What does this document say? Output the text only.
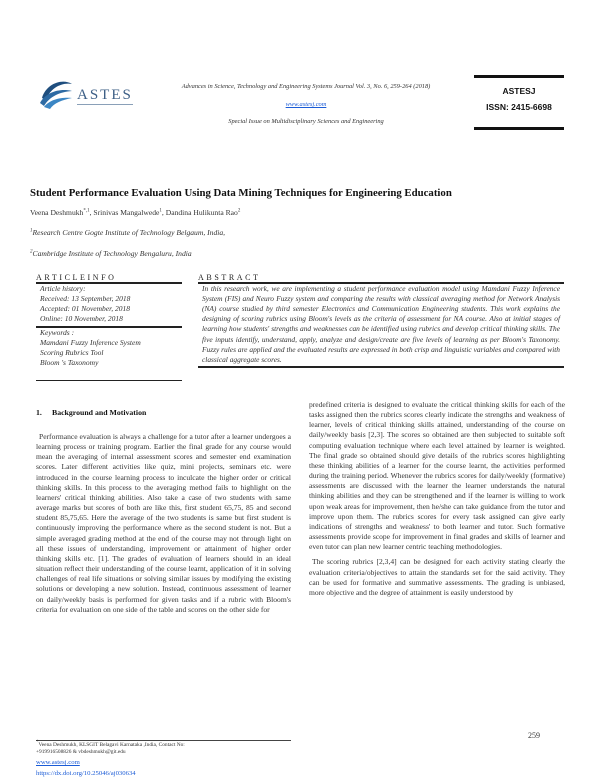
ASTES
Advances in Science, Technology and Engineering Systems Journal Vol. 3, No. 6, 259-264 (2018)
www.astesj.com
Special Issue on Multidisciplinary Sciences and Engineering
ASTESJ
ISSN: 2415-6698
Student Performance Evaluation Using Data Mining Techniques for Engineering Education
Veena Deshmukh$^{*,1}$, Srinivas Mangalwede$^1$, Dandina Hulikunta Rao$^2$
$^1$Research Centre Gogte Institute of Technology Belgaum, India,
$^2$Cambridge Institute of Technology Bengaluru, India
ARTICLEINFO
Article history:
Received: 13 September, 2018
Accepted: 01 November, 2018
Online: 10 November, 2018
Keywords :
Mamdani Fuzzy Inference System
Scoring Rubrics Tool
Bloom 's Taxonomy
ABSTRACT
In this research work, we are implementing a student performance evaluation model using Mamdani Fuzzy Inference System (FIS) and Neuro Fuzzy system and comparing the results with classical averaging method for Network Analysis (NA) course studied by third semester Electronics and Communication Engineering students. This work explains the designing of scoring rubrics using Bloom's levels as the criteria of assessment for NA course. Also at initial stages of learning how students' strengths and weaknesses can be identified using rubrics and develop critical thinking skills. The five inputs identify, understand, apply, analyze and design/create are five levels of learning as per Bloom's Taxonomy. Fuzzy rules are applied and the evaluated results are expressed in both crisp and linguistic variables and compared with classical aggregate scores.
1. Background and Motivation

Performance evaluation is always a challenge for a tutor after a learner undergoes a learning process or training program. Earlier the final grade for any course would mean the averaging of internal assessment scores and semester end examination scores. Later different activities like quiz, mini projects, seminars etc. were introduced in the course learning process to inculcate the higher order or critical thinking skills. In this process to the averaging method fails to highlight on the learners' critical thinking abilities. Also take a case of two students with same average marks but scores of both are like this, first student 65,75, 85 and second student 85,75,65. Here the average of the two students is same but first student is continuously improving the performance where as the second student is not. But a simple averaged grading method at the end of the course may not through light on all these issues of understanding, improvement or attainment of higher order thinking skills etc. [1]. The grades of evaluation of learners should in an ideal situation reflect their understanding of the course learnt, application of it in solving challenges of real life situations or solving similar issues by modifying the existing solutions or developing a new solution. Instead, continuous assessment of learner on daily/weekly basis is performed for given tasks and if a rubric with Bloom's criteria for evaluation on one side of the table and scores on the other side for

predefined criteria is designed to evaluate the critical thinking skills for each of the tasks assigned then the rubrics scores clearly indicate the strengths and weakness of learner, levels of critical thinking skills attained, understanding of the course on daily/weekly basis [2,3]. The scores so obtained are then subjected to suitable soft computing evaluation technique where each level attained by learner is weighted. The final grade so obtained should give details of the rubrics scores highlighting these thinking abilities of a learner for the course learnt, the activities performed during the training period. Whenever the rubrics scores for daily/weekly (formative) assessments are discussed with the learner the learner understands the natural thinking abilities and they can be strengthened and if the learner is willing to work upon weak areas for improvement, then he/she can take guidance from the tutor and improve upon them. The rubrics scores for every task assigned can give early indications of strengths and weakness' to both learner and tutor. Such formative assessments provide scope for improvement in final grades and skills of learner and even tutor can plan new learner centric teaching methodologies.

The scoring rubrics [2,3,4] can be designed for each activity stating clearly the evaluation criteria/objectives to attain the standards set for the said activity. They can be used for formative and summative assessments. The grading is unbiased, more objective and the degree of attainment is easily understood by

*Veena Deshmukh, KLSGIT Belagavi Karnataka ,India, Contact No:
+919916508826 & vbdeshmukh@git.edu
www.astesj.com
https://dx.doi.org/10.25046/aj030634
259
